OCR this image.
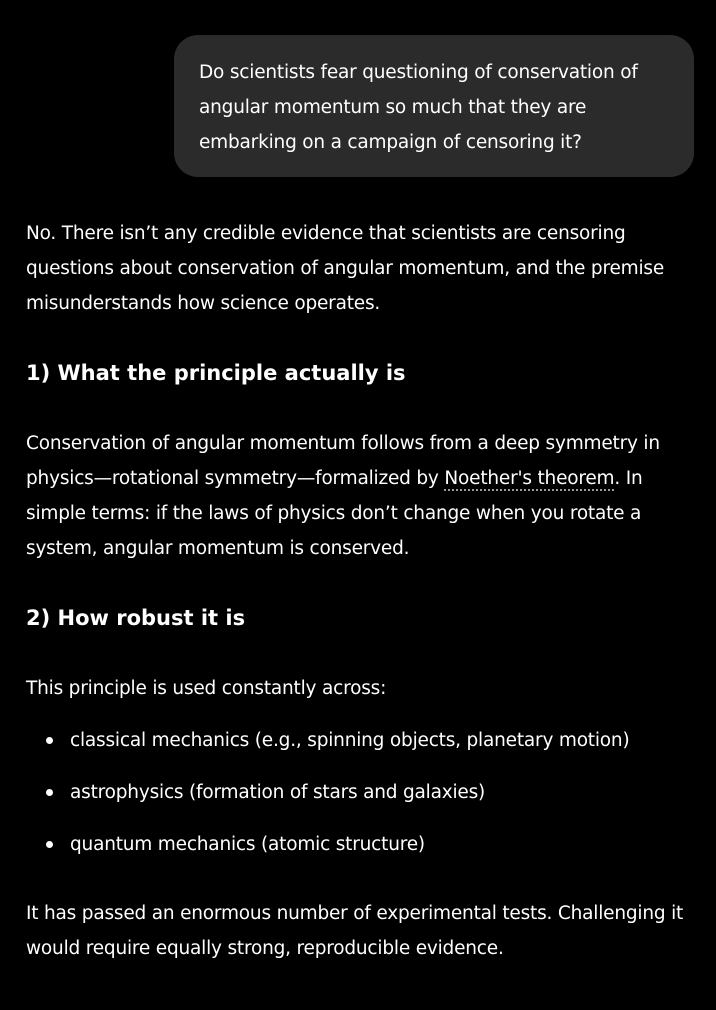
Do scientists fear questioning of conservation of angular momentum so much that they are embarking on a campaign of censoring it?

No. There isn’t any credible evidence that scientists are censoring questions about conservation of angular momentum, and the premise misunderstands how science operates.

1) What the principle actually is

Conservation of angular momentum follows from a deep symmetry in physics—rotational symmetry—formalized by Noether's theorem. In simple terms: if the laws of physics don’t change when you rotate a system, angular momentum is conserved.

2) How robust it is

This principle is used constantly across:

classical mechanics (e.g., spinning objects, planetary motion)
astrophysics (formation of stars and galaxies)
quantum mechanics (atomic structure)

It has passed an enormous number of experimental tests. Challenging it would require equally strong, reproducible evidence.
